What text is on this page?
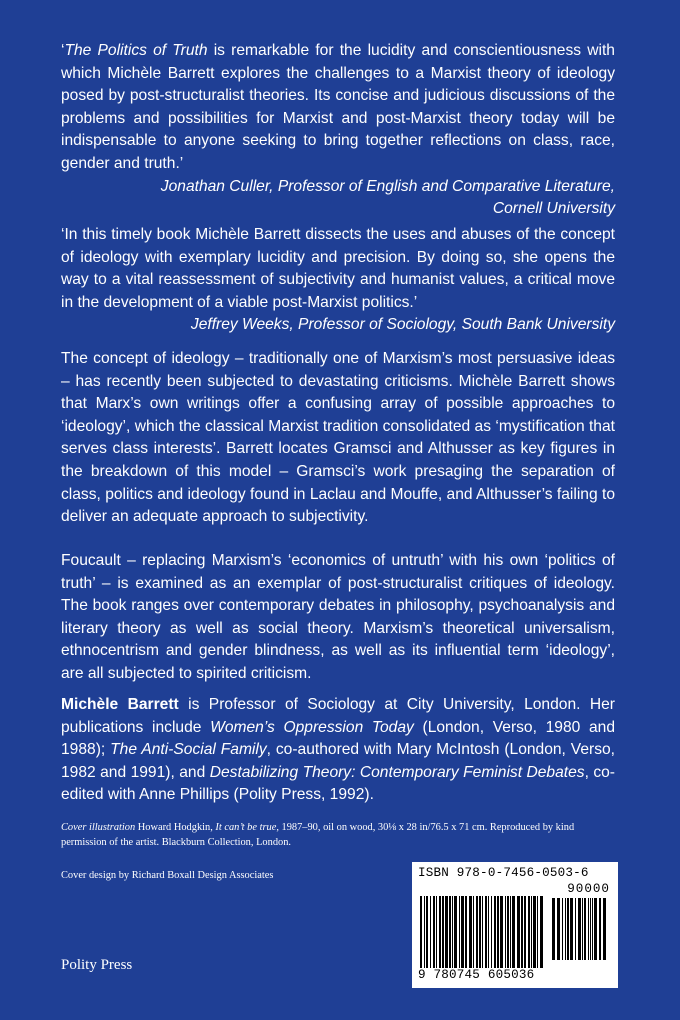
‘The Politics of Truth is remarkable for the lucidity and conscientiousness with which Michèle Barrett explores the challenges to a Marxist theory of ideology posed by post-structuralist theories. Its concise and judicious discussions of the problems and possibilities for Marxist and post-Marxist theory today will be indispensable to anyone seeking to bring together reflections on class, race, gender and truth.’

Jonathan Culler, Professor of English and Comparative Literature,
Cornell University

‘In this timely book Michèle Barrett dissects the uses and abuses of the concept of ideology with exemplary lucidity and precision. By doing so, she opens the way to a vital reassessment of subjectivity and humanist values, a critical move in the development of a viable post-Marxist politics.’

Jeffrey Weeks, Professor of Sociology, South Bank University

The concept of ideology – traditionally one of Marxism’s most persuasive ideas – has recently been subjected to devastating criticisms. Michèle Barrett shows that Marx’s own writings offer a confusing array of possible approaches to ‘ideology’, which the classical Marxist tradition consolidated as ‘mystification that serves class interests’. Barrett locates Gramsci and Althusser as key figures in the breakdown of this model – Gramsci’s work presaging the separation of class, politics and ideology found in Laclau and Mouffe, and Althusser’s failing to deliver an adequate approach to subjectivity.

Foucault – replacing Marxism’s ‘economics of untruth’ with his own ‘politics of truth’ – is examined as an exemplar of post-structuralist critiques of ideology. The book ranges over contemporary debates in philosophy, psychoanalysis and literary theory as well as social theory. Marxism’s theoretical universalism, ethnocentrism and gender blindness, as well as its influential term ‘ideology’, are all subjected to spirited criticism.

Michèle Barrett is Professor of Sociology at City University, London. Her publications include Women’s Oppression Today (London, Verso, 1980 and 1988); The Anti-Social Family, co-authored with Mary McIntosh (London, Verso, 1982 and 1991), and Destabilizing Theory: Contemporary Feminist Debates, co-edited with Anne Phillips (Polity Press, 1992).

Cover illustration Howard Hodgkin, It can’t be true, 1987–90, oil on wood, 30⅛ x 28 in/76.5 x 71 cm. Reproduced by kind permission of the artist. Blackburn Collection, London.
Cover design by Richard Boxall Design Associates
Polity Press
ISBN 978-0-7456-0503-6
90000
9 780745 605036
